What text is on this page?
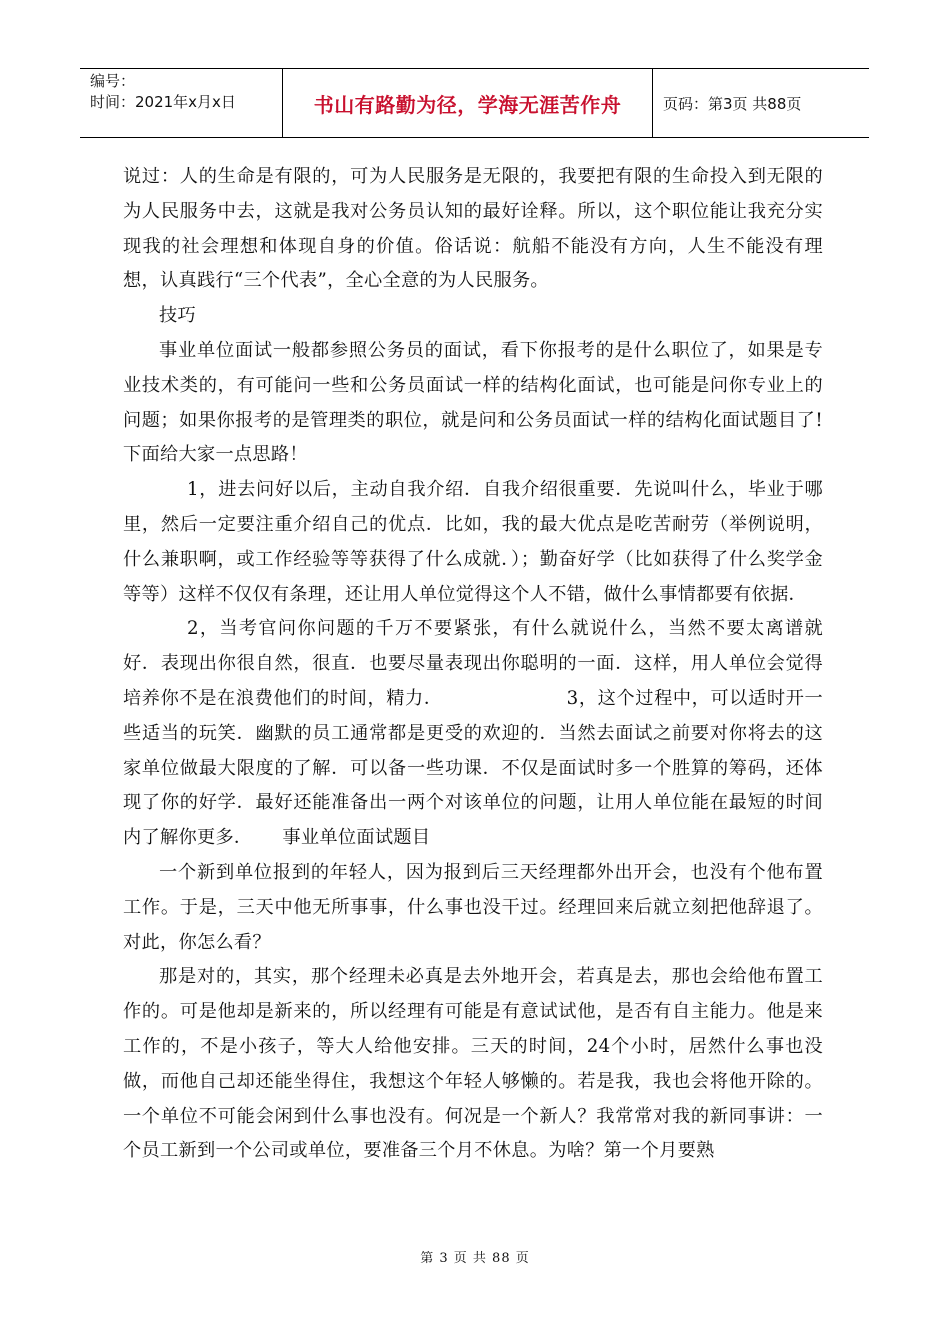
编号：
时间：2021年x月x日	书山有路勤为径，学海无涯苦作舟	页码：第3页 共88页

说过：人的生命是有限的，可为人民服务是无限的，我要把有限的生命投入到无限的为人民服务中去，这就是我对公务员认知的最好诠释。所以，这个职位能让我充分实现我的社会理想和体现自身的价值。俗话说：航船不能没有方向，人生不能没有理想，认真践行“三个代表”，全心全意的为人民服务。

技巧

事业单位面试一般都参照公务员的面试，看下你报考的是什么职位了，如果是专业技术类的，有可能问一些和公务员面试一样的结构化面试，也可能是问你专业上的问题；如果你报考的是管理类的职位，就是问和公务员面试一样的结构化面试题目了!下面给大家一点思路！

1，进去问好以后，主动自我介绍．自我介绍很重要．先说叫什么，毕业于哪里，然后一定要注重介绍自己的优点．比如，我的最大优点是吃苦耐劳（举例说明，什么兼职啊，或工作经验等等获得了什么成就．）；勤奋好学（比如获得了什么奖学金等等）这样不仅仅有条理，还让用人单位觉得这个人不错，做什么事情都要有依据．

2，当考官问你问题的千万不要紧张，有什么就说什么，当然不要太离谱就好．表现出你很自然，很直．也要尽量表现出你聪明的一面．这样，用人单位会觉得培养你不是在浪费他们的时间，精力．	3，这个过程中，可以适时开一些适当的玩笑．幽默的员工通常都是更受的欢迎的．当然去面试之前要对你将去的这家单位做最大限度的了解．可以备一些功课．不仅是面试时多一个胜算的筹码，还体现了你的好学．最好还能准备出一两个对该单位的问题，让用人单位能在最短的时间内了解你更多． 事业单位面试题目

一个新到单位报到的年轻人，因为报到后三天经理都外出开会，也没有个他布置工作。于是，三天中他无所事事，什么事也没干过。经理回来后就立刻把他辞退了。对此，你怎么看？

那是对的，其实，那个经理未必真是去外地开会，若真是去，那也会给他布置工作的。可是他却是新来的，所以经理有可能是有意试试他，是否有自主能力。他是来工作的，不是小孩子，等大人给他安排。三天的时间，24个小时，居然什么事也没做，而他自己却还能坐得住，我想这个年轻人够懒的。若是我，我也会将他开除的。一个单位不可能会闲到什么事也没有。何况是一个新人？我常常对我的新同事讲：一个员工新到一个公司或单位，要准备三个月不休息。为啥？第一个月要熟

第 3 页 共 88 页
